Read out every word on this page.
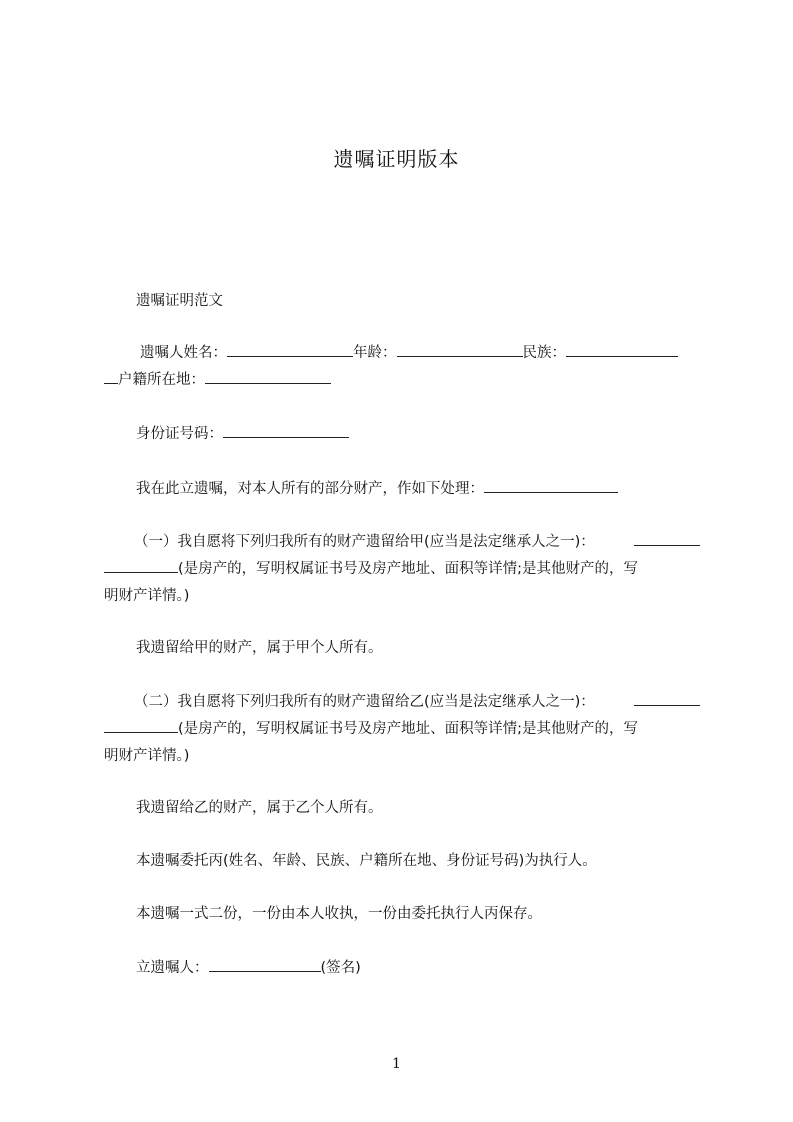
遗嘱证明版本
遗嘱证明范文
遗嘱人姓名：	年龄：	民族：
户籍所在地：
身份证号码：
我在此立遗嘱，对本人所有的部分财产，作如下处理：
（一）我自愿将下列归我所有的财产遗留给甲(应当是法定继承人之一)：
(是房产的，写明权属证书号及房产地址、面积等详情;是其他财产的，写
明财产详情。)
我遗留给甲的财产，属于甲个人所有。
（二）我自愿将下列归我所有的财产遗留给乙(应当是法定继承人之一)：
(是房产的，写明权属证书号及房产地址、面积等详情;是其他财产的，写
明财产详情。)
我遗留给乙的财产，属于乙个人所有。
本遗嘱委托丙(姓名、年龄、民族、户籍所在地、身份证号码)为执行人。
本遗嘱一式二份，一份由本人收执，一份由委托执行人丙保存。
立遗嘱人：	(签名)
1
